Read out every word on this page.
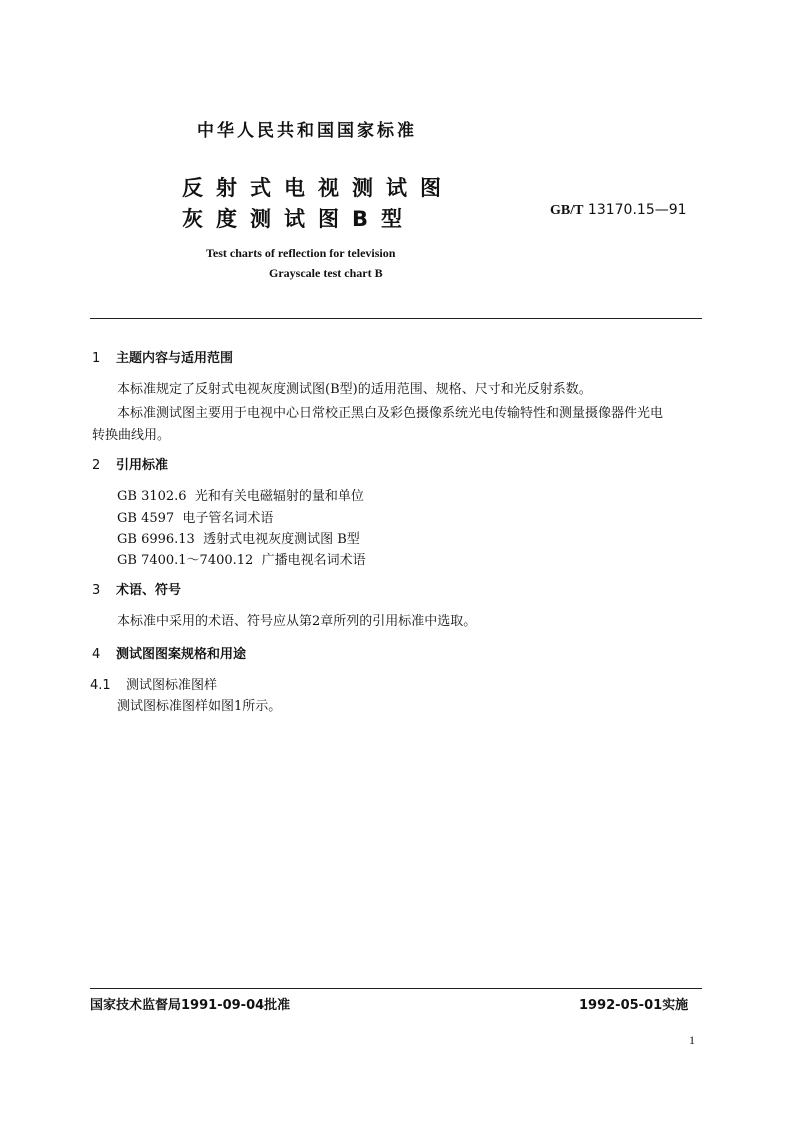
中华人民共和国国家标准
反射式电视测试图
灰度测试图B型	GB/T 13170.15—91
Test charts of reflection for television
Grayscale test chart B
1 主题内容与适用范围
本标准规定了反射式电视灰度测试图(B型)的适用范围、规格、尺寸和光反射系数。
本标准测试图主要用于电视中心日常校正黑白及彩色摄像系统光电传输特性和测量摄像器件光电
转换曲线用。
2 引用标准
GB 3102.6 光和有关电磁辐射的量和单位
GB 4597 电子管名词术语
GB 6996.13 透射式电视灰度测试图 B型
GB 7400.1～7400.12 广播电视名词术语
3 术语、符号
本标准中采用的术语、符号应从第2章所列的引用标准中选取。
4 测试图图案规格和用途
4.1 测试图标准图样
测试图标准图样如图1所示。
国家技术监督局1991-09-04批准	1992-05-01实施
1
